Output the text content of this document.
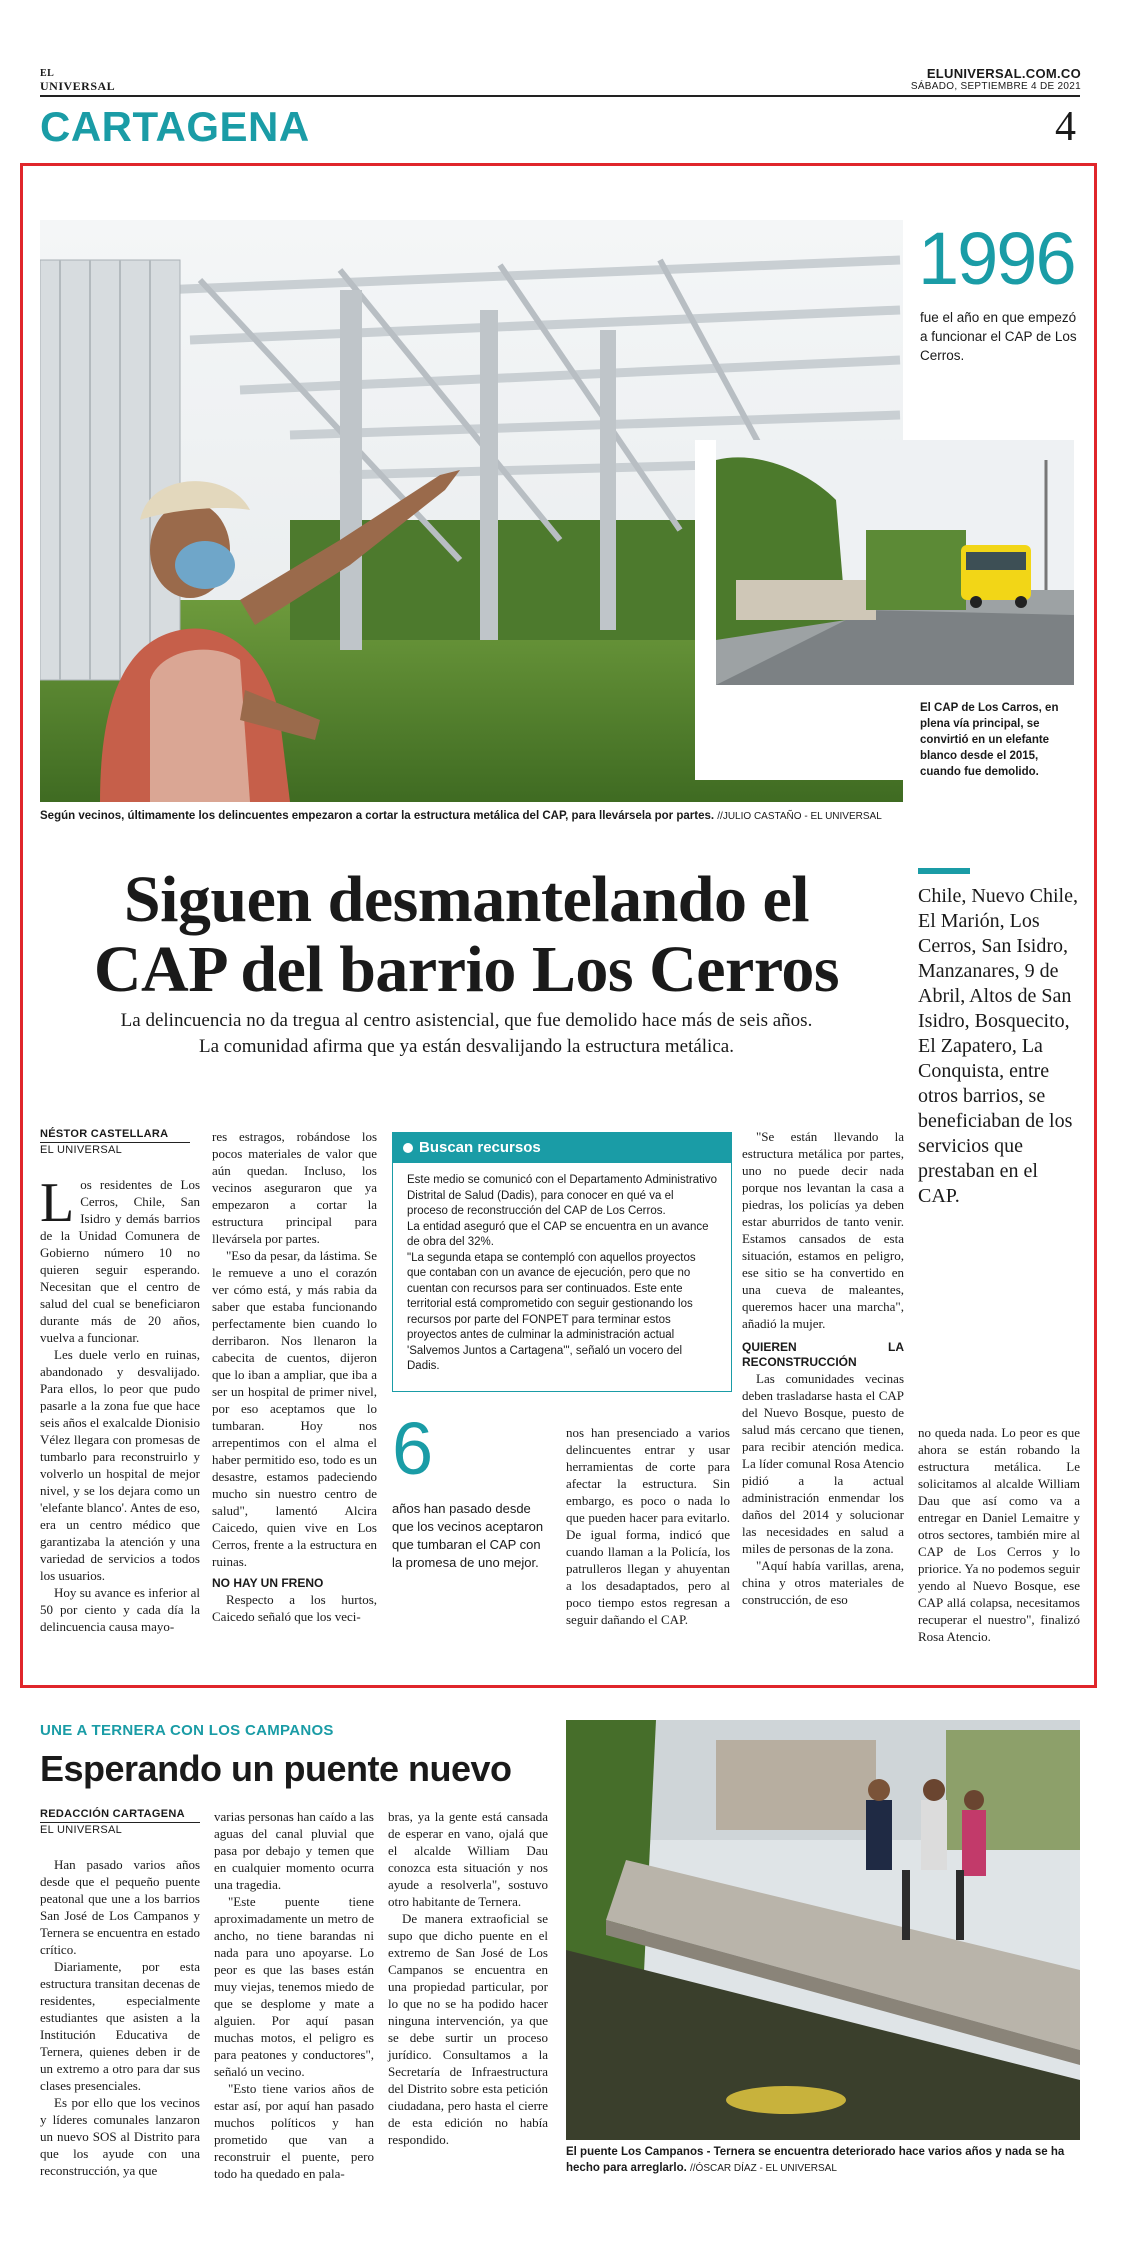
EL
UNIVERSAL
ELUNIVERSAL.COM.CO
SÁBADO, SEPTIEMBRE 4 DE 2021
CARTAGENA	4
1996
fue el año en que empezó a funcionar el CAP de Los Cerros.
El CAP de Los Carros, en plena vía principal, se convirtió en un elefante blanco desde el 2015, cuando fue demolido.
Según vecinos, últimamente los delincuentes empezaron a cortar la estructura metálica del CAP, para llevársela por partes. //JULIO CASTAÑO - EL UNIVERSAL
Siguen desmantelando el
CAP del barrio Los Cerros
La delincuencia no da tregua al centro asistencial, que fue demolido hace más de seis años.
La comunidad afirma que ya están desvalijando la estructura metálica.
Chile, Nuevo Chile, El Marión, Los Cerros, San Isidro, Manzanares, 9 de Abril, Altos de San Isidro, Bosquecito, El Zapatero, La Conquista, entre otros barrios, se beneficiaban de los servicios que prestaban en el CAP.
NÉSTOR CASTELLARA
EL UNIVERSAL
L os residentes de Los Cerros, Chile, San Isidro y demás barrios de la Unidad Comunera de Gobierno número 10 no quieren seguir esperando. Necesitan que el centro de salud del cual se beneficiaron durante más de 20 años, vuelva a funcionar.

Les duele verlo en ruinas, abandonado y desvalijado. Para ellos, lo peor que pudo pasarle a la zona fue que hace seis años el exalcalde Dionisio Vélez llegara con promesas de tumbarlo para reconstruirlo y volverlo un hospital de mejor nivel, y se los dejara como un 'elefante blanco'. Antes de eso, era un centro médico que garantizaba la atención y una variedad de servicios a todos los usuarios.

Hoy su avance es inferior al 50 por ciento y cada día la delincuencia causa mayo-

res estragos, robándose los pocos materiales de valor que aún quedan. Incluso, los vecinos aseguraron que ya empezaron a cortar la estructura principal para llevársela por partes.

"Eso da pesar, da lástima. Se le remueve a uno el corazón ver cómo está, y más rabia da saber que estaba funcionando perfectamente bien cuando lo derribaron. Nos llenaron la cabecita de cuentos, dijeron que lo iban a ampliar, que iba a ser un hospital de primer nivel, por eso aceptamos que lo tumbaran. Hoy nos arrepentimos con el alma el haber permitido eso, todo es un desastre, estamos padeciendo mucho sin nuestro centro de salud", lamentó Alcira Caicedo, quien vive en Los Cerros, frente a la estructura en ruinas.

NO HAY UN FRENO

Respecto a los hurtos, Caicedo señaló que los veci-

Buscan recursos

Este medio se comunicó con el Departamento Administrativo Distrital de Salud (Dadis), para conocer en qué va el proceso de reconstrucción del CAP de Los Cerros.

La entidad aseguró que el CAP se encuentra en un avance de obra del 32%.

"La segunda etapa se contempló con aquellos proyectos que contaban con un avance de ejecución, pero que no cuentan con recursos para ser continuados. Este ente territorial está comprometido con seguir gestionando los recursos por parte del FONPET para terminar estos proyectos antes de culminar la administración actual 'Salvemos Juntos a Cartagena'", señaló un vocero del Dadis.

6
años han pasado desde que los vecinos aceptaron que tumbaran el CAP con la promesa de uno mejor.

nos han presenciado a varios delincuentes entrar y usar herramientas de corte para afectar la estructura. Sin embargo, es poco o nada lo que pueden hacer para evitarlo. De igual forma, indicó que cuando llaman a la Policía, los patrulleros llegan y ahuyentan a los desadaptados, pero al poco tiempo estos regresan a seguir dañando el CAP.

"Se están llevando la estructura metálica por partes, uno no puede decir nada porque nos levantan la casa a piedras, los policías ya deben estar aburridos de tanto venir. Estamos cansados de esta situación, estamos en peligro, ese sitio se ha convertido en una cueva de maleantes, queremos hacer una marcha", añadió la mujer.

QUIEREN LA RECONSTRUCCIÓN

Las comunidades vecinas deben trasladarse hasta el CAP del Nuevo Bosque, puesto de salud más cercano que tienen, para recibir atención medica. La líder comunal Rosa Atencio pidió a la actual administración enmendar los daños del 2014 y solucionar las necesidades en salud a miles de personas de la zona.

"Aquí había varillas, arena, china y otros materiales de construcción, de eso

no queda nada. Lo peor es que ahora se están robando la estructura metálica. Le solicitamos al alcalde William Dau que así como va a entregar en Daniel Lemaitre y otros sectores, también mire al CAP de Los Cerros y lo priorice. Ya no podemos seguir yendo al Nuevo Bosque, ese CAP allá colapsa, necesitamos recuperar el nuestro", finalizó Rosa Atencio.

UNE A TERNERA CON LOS CAMPANOS
Esperando un puente nuevo
REDACCIÓN CARTAGENA
EL UNIVERSAL

Han pasado varios años desde que el pequeño puente peatonal que une a los barrios San José de Los Campanos y Ternera se encuentra en estado crítico.

Diariamente, por esta estructura transitan decenas de residentes, especialmente estudiantes que asisten a la Institución Educativa de Ternera, quienes deben ir de un extremo a otro para dar sus clases presenciales.

Es por ello que los vecinos y líderes comunales lanzaron un nuevo SOS al Distrito para que los ayude con una reconstrucción, ya que

varias personas han caído a las aguas del canal pluvial que pasa por debajo y temen que en cualquier momento ocurra una tragedia.

"Este puente tiene aproximadamente un metro de ancho, no tiene barandas ni nada para uno apoyarse. Lo peor es que las bases están muy viejas, tenemos miedo de que se desplome y mate a alguien. Por aquí pasan muchas motos, el peligro es para peatones y conductores", señaló un vecino.

"Esto tiene varios años de estar así, por aquí han pasado muchos políticos y han prometido que van a reconstruir el puente, pero todo ha quedado en pala-

bras, ya la gente está cansada de esperar en vano, ojalá que el alcalde William Dau conozca esta situación y nos ayude a resolverla", sostuvo otro habitante de Ternera.

De manera extraoficial se supo que dicho puente en el extremo de San José de Los Campanos se encuentra en una propiedad particular, por lo que no se ha podido hacer ninguna intervención, ya que se debe surtir un proceso jurídico. Consultamos a la Secretaría de Infraestructura del Distrito sobre esta petición ciudadana, pero hasta el cierre de esta edición no había respondido.

El puente Los Campanos - Ternera se encuentra deteriorado hace varios años y nada se ha hecho para arreglarlo. //ÓSCAR DÍAZ - EL UNIVERSAL
